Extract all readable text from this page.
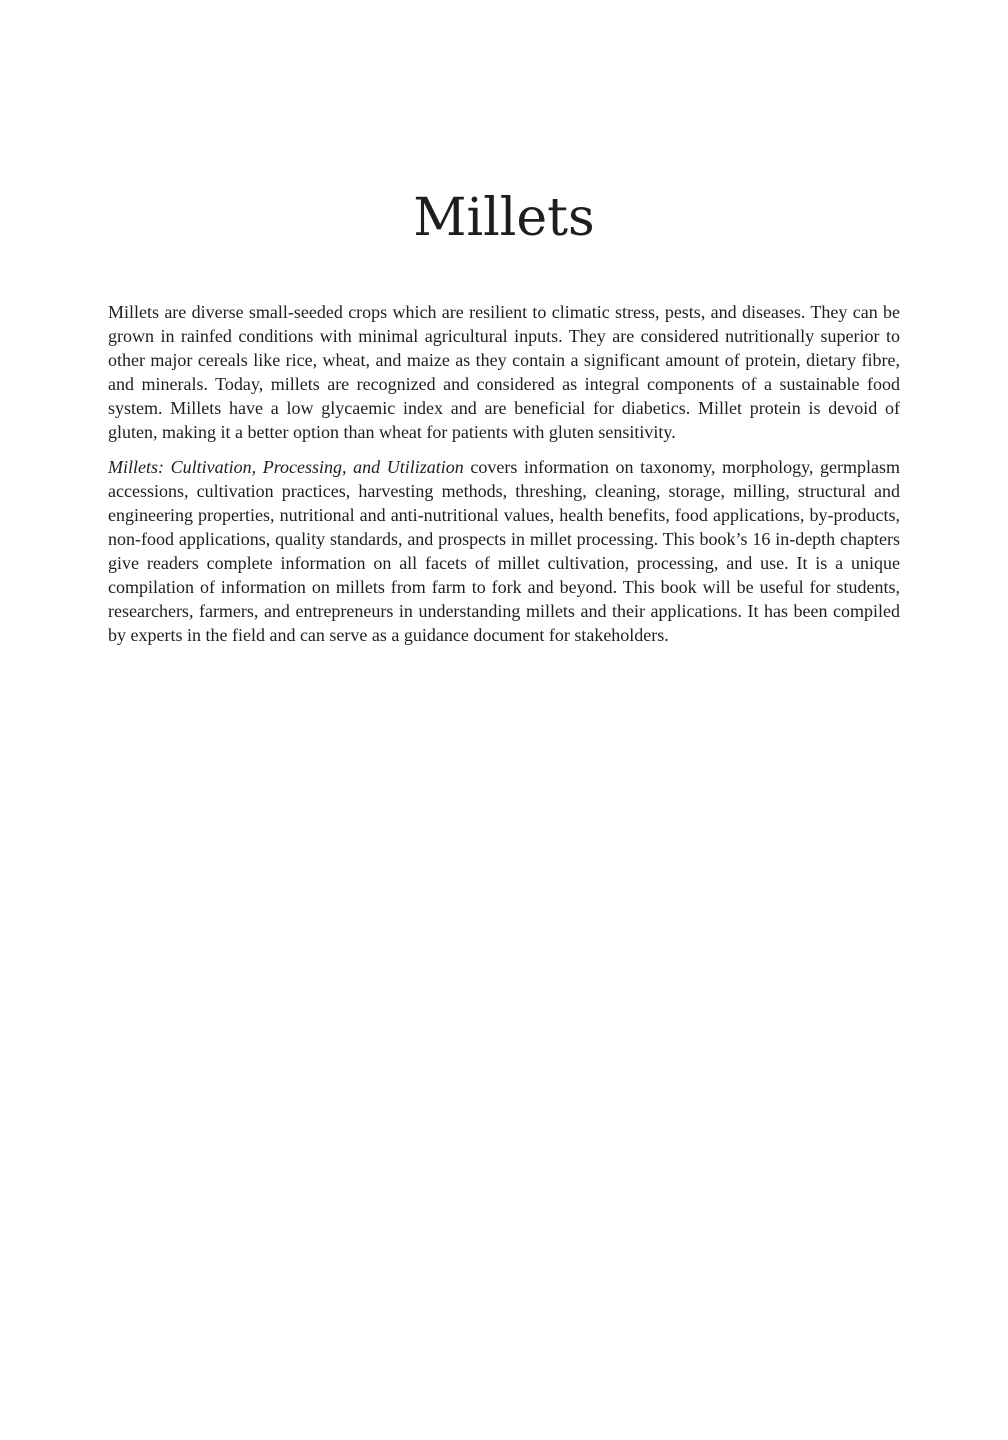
Millets

Millets are diverse small-seeded crops which are resilient to climatic stress, pests, and diseases. They can be grown in rainfed conditions with minimal agricultural inputs. They are considered nutritionally superior to other major cereals like rice, wheat, and maize as they contain a significant amount of protein, dietary fibre, and minerals. Today, millets are recognized and considered as integral components of a sustainable food system. Millets have a low glycaemic index and are beneficial for diabetics. Millet protein is devoid of gluten, making it a better option than wheat for patients with gluten sensitivity.

Millets: Cultivation, Processing, and Utilization covers information on taxonomy, morphology, germplasm accessions, cultivation practices, harvesting methods, threshing, cleaning, storage, milling, structural and engineering properties, nutritional and anti-nutritional values, health benefits, food applications, by-products, non-food applications, quality standards, and prospects in millet processing. This book’s 16 in-depth chapters give readers complete information on all facets of millet cultivation, processing, and use. It is a unique compilation of information on millets from farm to fork and beyond. This book will be useful for students, researchers, farmers, and entrepreneurs in understanding millets and their applications. It has been compiled by experts in the field and can serve as a guidance document for stakeholders.
